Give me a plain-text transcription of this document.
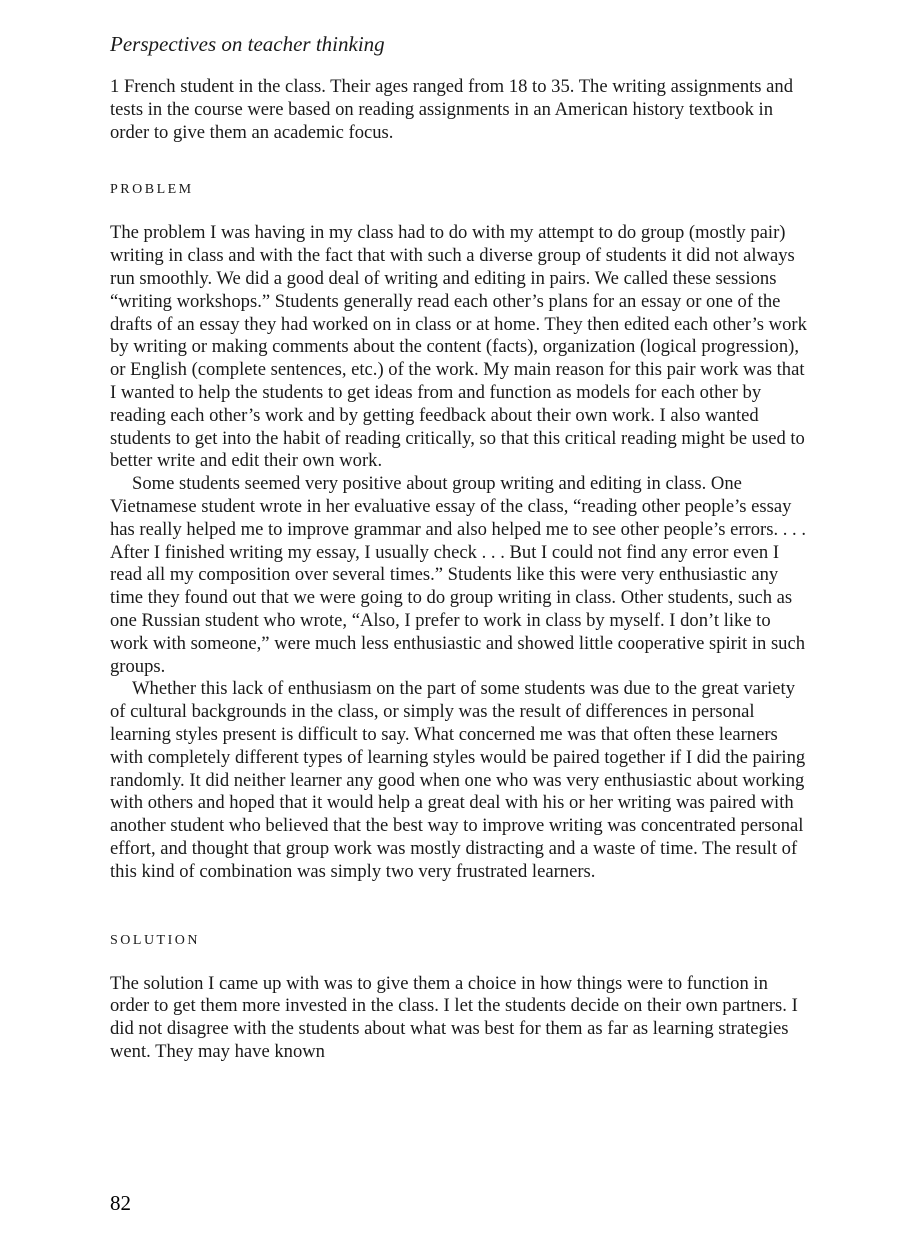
Perspectives on teacher thinking

1 French student in the class. Their ages ranged from 18 to 35. The writing assignments and tests in the course were based on reading assignments in an American history textbook in order to give them an academic focus.

PROBLEM

The problem I was having in my class had to do with my attempt to do group (mostly pair) writing in class and with the fact that with such a diverse group of students it did not always run smoothly. We did a good deal of writing and editing in pairs. We called these sessions “writing workshops.” Students generally read each other’s plans for an essay or one of the drafts of an essay they had worked on in class or at home. They then edited each other’s work by writing or making comments about the content (facts), organization (logical progression), or English (complete sentences, etc.) of the work. My main reason for this pair work was that I wanted to help the students to get ideas from and function as models for each other by reading each other’s work and by getting feedback about their own work. I also wanted students to get into the habit of reading critically, so that this critical reading might be used to better write and edit their own work.

Some students seemed very positive about group writing and editing in class. One Vietnamese student wrote in her evaluative essay of the class, “reading other people’s essay has really helped me to improve grammar and also helped me to see other people’s errors. . . . After I finished writing my essay, I usually check . . . But I could not find any error even I read all my composition over several times.” Students like this were very enthusiastic any time they found out that we were going to do group writing in class. Other students, such as one Russian student who wrote, “Also, I prefer to work in class by myself. I don’t like to work with someone,” were much less enthusiastic and showed little cooperative spirit in such groups.

Whether this lack of enthusiasm on the part of some students was due to the great variety of cultural backgrounds in the class, or simply was the result of differences in personal learning styles present is difficult to say. What concerned me was that often these learners with completely different types of learning styles would be paired together if I did the pairing randomly. It did neither learner any good when one who was very enthusiastic about working with others and hoped that it would help a great deal with his or her writing was paired with another student who believed that the best way to improve writing was concentrated personal effort, and thought that group work was mostly distracting and a waste of time. The result of this kind of combination was simply two very frustrated learners.

SOLUTION

The solution I came up with was to give them a choice in how things were to function in order to get them more invested in the class. I let the students decide on their own partners. I did not disagree with the students about what was best for them as far as learning strategies went. They may have known

82
